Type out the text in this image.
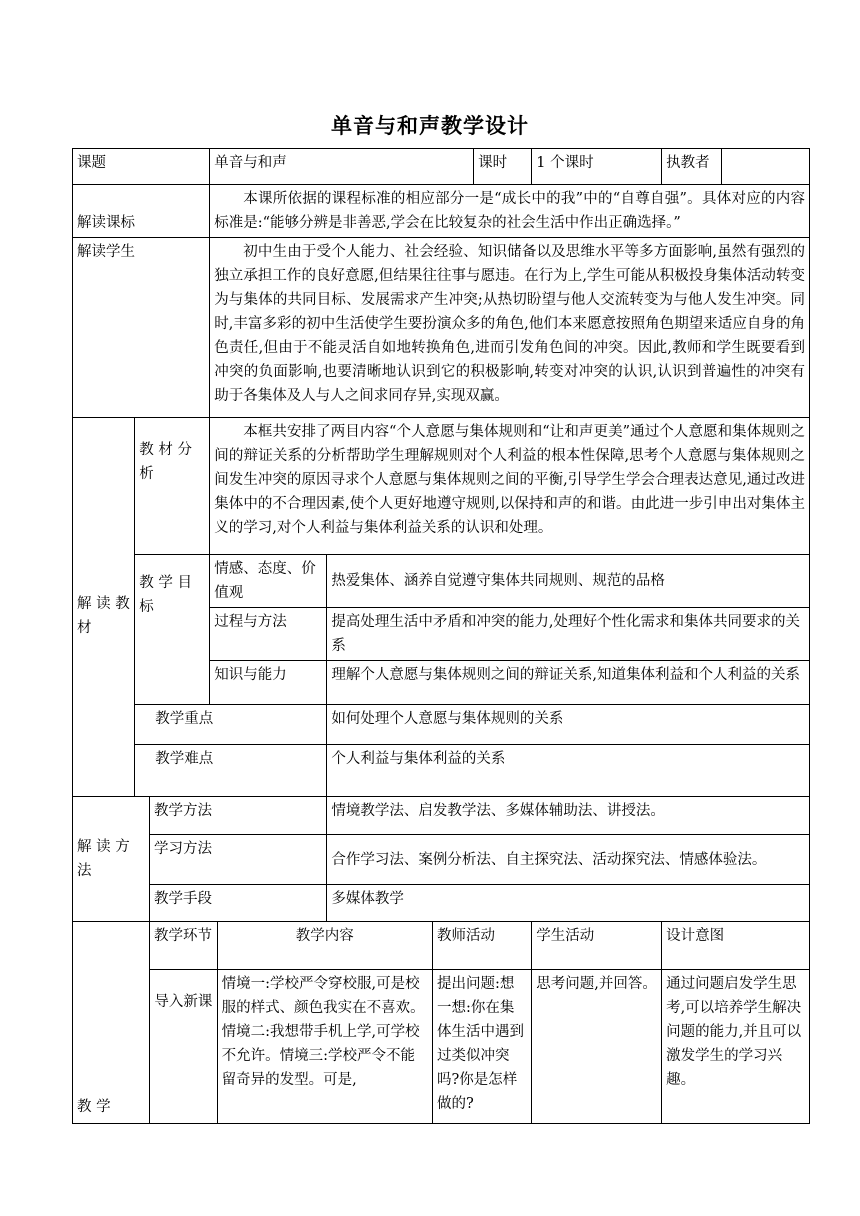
单音与和声教学设计
课题			单音与和声				课时	1 个课时	执教者	
解读课标			本课所依据的课程标准的相应部分一是“成长中的我”中的“自尊自强”。具体对应的内容标准是:“能够分辨是非善恶,学会在比较复杂的社会生活中作出正确选择。”							
解读学生			初中生由于受个人能力、社会经验、知识储备以及思维水平等多方面影响,虽然有强烈的独立承担工作的良好意愿,但结果往往事与愿违。在行为上,学生可能从积极投身集体活动转变为与集体的共同目标、发展需求产生冲突;从热切盼望与他人交流转变为与他人发生冲突。同时,丰富多彩的初中生活使学生要扮演众多的角色,他们本来愿意按照角色期望来适应自身的角色责任,但由于不能灵活自如地转换角色,进而引发角色间的冲突。因此,教师和学生既要看到冲突的负面影响,也要清晰地认识到它的积极影响,转变对冲突的认识,认识到普遍性的冲突有助于各集体及人与人之间求同存异,实现双赢。							
解 读 教材	教 材 分析		本框共安排了两目内容“个人意愿与集体规则和“让和声更美”通过个人意愿和集体规则之间的辩证关系的分析帮助学生理解规则对个人利益的根本性保障,思考个人意愿与集体规则之间发生冲突的原因寻求个人意愿与集体规则之间的平衡,引导学生学会合理表达意见,通过改进集体中的不合理因素,使个人更好地遵守规则,以保持和声的和谐。由此进一步引申出对集体主义的学习,对个人利益与集体利益关系的认识和处理。							
	教 学 目标		情感、态度、价值观		热爱集体、涵养自觉遵守集体共同规则、规范的品格					
			过程与方法		提高处理生活中矛盾和冲突的能力,处理好个性化需求和集体共同要求的关系					
			知识与能力		理解个人意愿与集体规则之间的辩证关系,知道集体利益和个人利益的关系					
	教学重点				如何处理个人意愿与集体规则的关系					
	教学难点				个人利益与集体利益的关系					
解 读 方 法		教学方法			情境教学法、启发教学法、多媒体辅助法、讲授法。					
		学习方法			合作学习法、案例分析法、自主探究法、活动探究法、情感体验法。					
		教学手段			多媒体教学					
教 学		教学环节		教学内容		教师活动		学生活动	设计意图	
		导入新课		情境一:学校严令穿校服,可是校服的样式、颜色我实在不喜欢。情境二:我想带手机上学,可学校不允许。情境三:学校严令不能留奇异的发型。可是,		提出问题:想一想:你在集体生活中遇到过类似冲突吗?你是怎样做的?		思考问题,并回答。	通过问题启发学生思考,可以培养学生解决问题的能力,并且可以激发学生的学习兴趣。	
